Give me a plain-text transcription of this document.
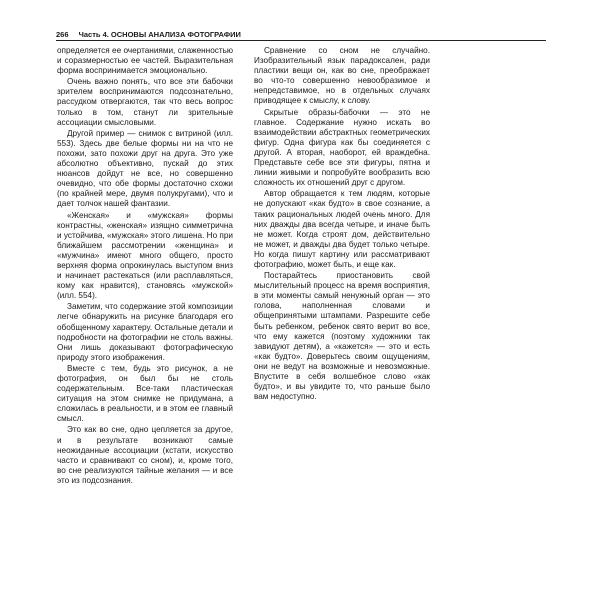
266 Часть 4. ОСНОВЫ АНАЛИЗА ФОТОГРАФИИ

определяется ее очертаниями, слаженностью и соразмерностью ее частей. Выразительная форма воспринимается эмоционально.

Очень важно понять, что все эти бабочки зрителем воспринимаются подсознательно, рассудком отвергаются, так что весь вопрос только в том, станут ли зрительные ассоциации смысловыми.

Другой пример — снимок с витриной (илл. 553). Здесь две белые формы ни на что не похожи, зато похожи друг на друга. Это уже абсолютно объективно, пускай до этих нюансов дойдут не все, но совершенно очевидно, что обе формы достаточно схожи (по крайней мере, двумя полукругами), что и дает толчок нашей фантазии.

«Женская» и «мужская» формы контрастны, «женская» изящно симметрична и устойчива, «мужская» этого лишена. Но при ближайшем рассмотрении «женщина» и «мужчина» имеют много общего, просто верхняя форма опрокинулась выступом вниз и начинает растекаться (или расплавляться, кому как нравится), становясь «мужской» (илл. 554).

Заметим, что содержание этой композиции легче обнаружить на рисунке благодаря его обобщенному характеру. Остальные детали и подробности на фотографии не столь важны. Они лишь доказывают фотографическую природу этого изображения.

Вместе с тем, будь это рисунок, а не фотография, он был бы не столь содержательным. Все-таки пластическая ситуация на этом снимке не придумана, а сложилась в реальности, и в этом ее главный смысл.

Это как во сне, одно цепляется за другое, и в результате возникают самые неожиданные ассоциации (кстати, искусство часто и сравнивают со сном), и, кроме того, во сне реализуются тайные желания — и все это из подсознания.

Сравнение со сном не случайно. Изобразительный язык парадоксален, ради пластики вещи он, как во сне, преображает во что-то совершенно невообразимое и непредставимое, но в отдельных случаях приводящее к смыслу, к слову.

Скрытые образы-бабочки — это не главное. Содержание нужно искать во взаимодействии абстрактных геометрических фигур. Одна фигура как бы соединяется с другой. А вторая, наоборот, ей враждебна. Представьте себе все эти фигуры, пятна и линии живыми и попробуйте вообразить всю сложность их отношений друг с другом.

Автор обращается к тем людям, которые не допускают «как будто» в свое сознание, а таких рациональных людей очень много. Для них дважды два всегда четыре, и иначе быть не может. Когда строят дом, действительно не может, и дважды два будет только четыре. Но когда пишут картину или рассматривают фотографию, может быть, и еще как.

Постарайтесь приостановить свой мыслительный процесс на время восприятия, в эти моменты самый ненужный орган — это голова, наполненная словами и общепринятыми штампами. Разрешите себе быть ребенком, ребенок свято верит во все, что ему кажется (поэтому художники так завидуют детям), а «кажется» — это и есть «как будто». Доверьтесь своим ощущениям, они не ведут на возможные и невозможные. Впустите в себя волшебное слово «как будто», и вы увидите то, что раньше было вам недоступно.
